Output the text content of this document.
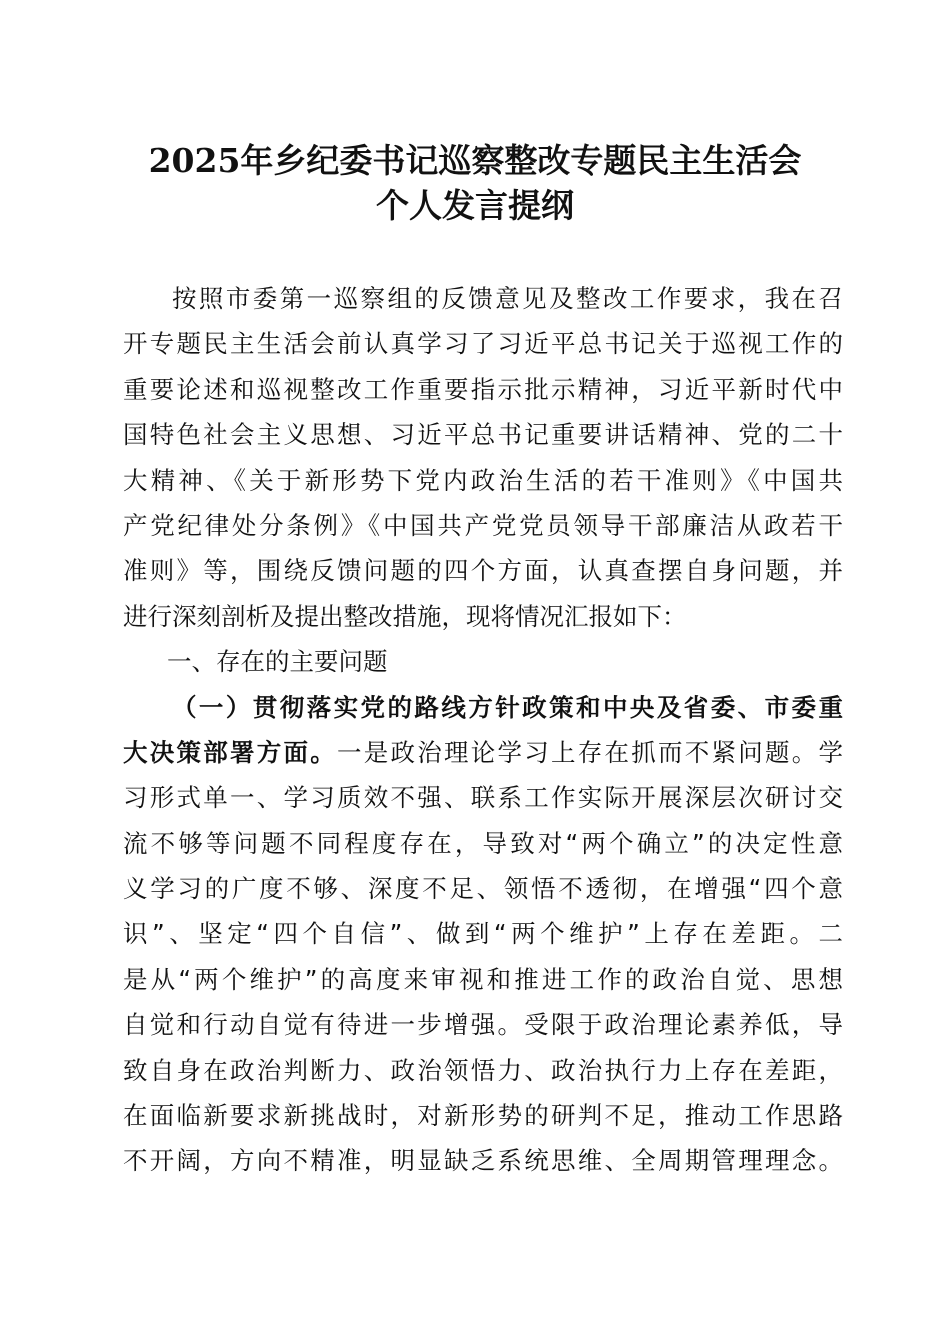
2025年乡纪委书记巡察整改专题民主生活会
个人发言提纲
按照市委第一巡察组的反馈意见及整改工作要求，我在召
开专题民主生活会前认真学习了习近平总书记关于巡视工作的
重要论述和巡视整改工作重要指示批示精神，习近平新时代中
国特色社会主义思想、习近平总书记重要讲话精神、党的二十
大精神、《关于新形势下党内政治生活的若干准则》《中国共
产党纪律处分条例》《中国共产党党员领导干部廉洁从政若干
准则》等，围绕反馈问题的四个方面，认真查摆自身问题，并
进行深刻剖析及提出整改措施，现将情况汇报如下：
一、存在的主要问题
（一）贯彻落实党的路线方针政策和中央及省委、市委重
大决策部署方面。一是政治理论学习上存在抓而不紧问题。学
习形式单一、学习质效不强、联系工作实际开展深层次研讨交
流不够等问题不同程度存在，导致对“两个确立”的决定性意
义学习的广度不够、深度不足、领悟不透彻，在增强“四个意
识”、坚定“四个自信”、做到“两个维护”上存在差距。二
是从“两个维护”的高度来审视和推进工作的政治自觉、思想
自觉和行动自觉有待进一步增强。受限于政治理论素养低，导
致自身在政治判断力、政治领悟力、政治执行力上存在差距，
在面临新要求新挑战时，对新形势的研判不足，推动工作思路
不开阔，方向不精准，明显缺乏系统思维、全周期管理理念。
